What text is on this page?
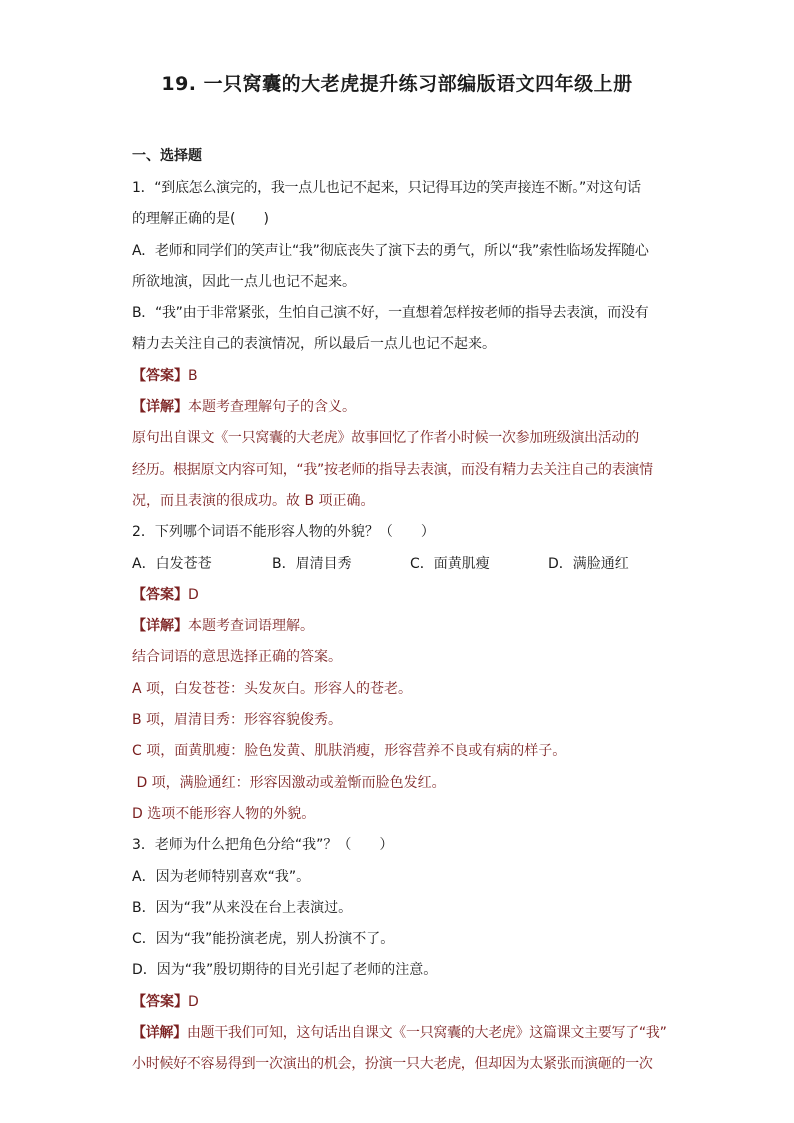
19. 一只窝囊的大老虎提升练习部编版语文四年级上册
一、选择题
1．“到底怎么演完的，我一点儿也记不起来，只记得耳边的笑声接连不断。”对这句话
的理解正确的是(　　)
A．老师和同学们的笑声让“我”彻底丧失了演下去的勇气，所以“我”索性临场发挥随心
所欲地演，因此一点儿也记不起来。
B．“我”由于非常紧张，生怕自己演不好，一直想着怎样按老师的指导去表演，而没有
精力去关注自己的表演情况，所以最后一点儿也记不起来。
【答案】B
【详解】本题考查理解句子的含义。
原句出自课文《一只窝囊的大老虎》故事回忆了作者小时候一次参加班级演出活动的
经历。根据原文内容可知，“我”按老师的指导去表演，而没有精力去关注自己的表演情
况，而且表演的很成功。故 B 项正确。
2．下列哪个词语不能形容人物的外貌？（　　）
A．白发苍苍	B．眉清目秀	C．面黄肌瘦	D．满脸通红
【答案】D
【详解】本题考查词语理解。
结合词语的意思选择正确的答案。
A 项，白发苍苍：头发灰白。形容人的苍老。
B 项，眉清目秀：形容容貌俊秀。
C 项，面黄肌瘦：脸色发黄、肌肤消瘦，形容营养不良或有病的样子。
D 项，满脸通红：形容因激动或羞惭而脸色发红。
D 选项不能形容人物的外貌。
3．老师为什么把角色分给“我”？（　　）
A．因为老师特别喜欢“我”。
B．因为“我”从来没在台上表演过。
C．因为“我”能扮演老虎，别人扮演不了。
D．因为“我”殷切期待的目光引起了老师的注意。
【答案】D
【详解】由题干我们可知，这句话出自课文《一只窝囊的大老虎》这篇课文主要写了“我”
小时候好不容易得到一次演出的机会，扮演一只大老虎，但却因为太紧张而演砸的一次
